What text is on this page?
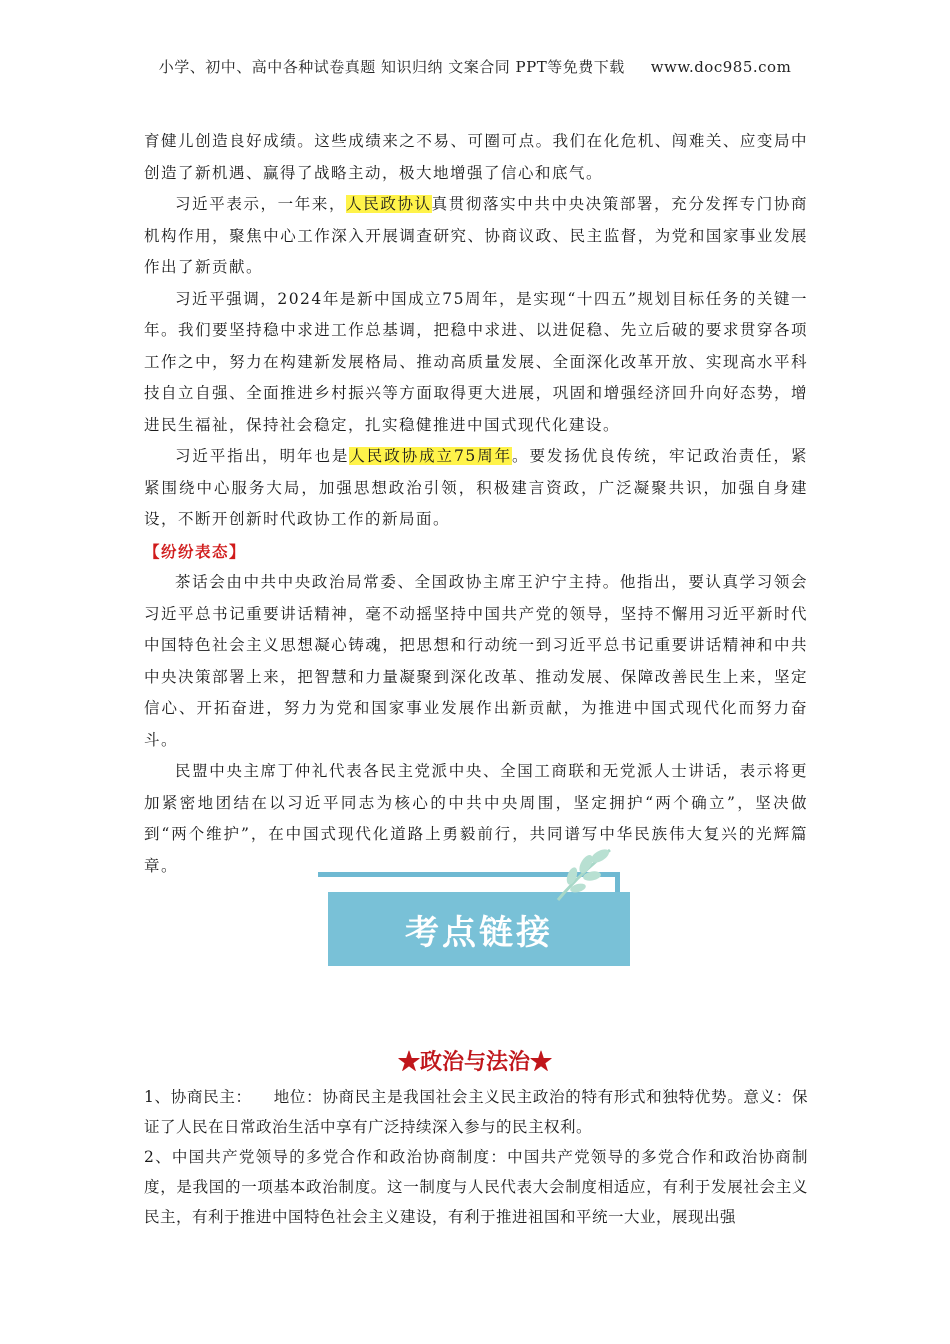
小学、初中、高中各种试卷真题 知识归纳 文案合同 PPT等免费下载 www.doc985.com

育健儿创造良好成绩。这些成绩来之不易、可圈可点。我们在化危机、闯难关、应变局中创造了新机遇、赢得了战略主动，极大地增强了信心和底气。

习近平表示，一年来，人民政协认真贯彻落实中共中央决策部署，充分发挥专门协商机构作用，聚焦中心工作深入开展调查研究、协商议政、民主监督，为党和国家事业发展作出了新贡献。

习近平强调，2024年是新中国成立75周年，是实现“十四五”规划目标任务的关键一年。我们要坚持稳中求进工作总基调，把稳中求进、以进促稳、先立后破的要求贯穿各项工作之中，努力在构建新发展格局、推动高质量发展、全面深化改革开放、实现高水平科技自立自强、全面推进乡村振兴等方面取得更大进展，巩固和增强经济回升向好态势，增进民生福祉，保持社会稳定，扎实稳健推进中国式现代化建设。

习近平指出，明年也是人民政协成立75周年。要发扬优良传统，牢记政治责任，紧紧围绕中心服务大局，加强思想政治引领，积极建言资政，广泛凝聚共识，加强自身建设，不断开创新时代政协工作的新局面。

【纷纷表态】

茶话会由中共中央政治局常委、全国政协主席王沪宁主持。他指出，要认真学习领会习近平总书记重要讲话精神，毫不动摇坚持中国共产党的领导，坚持不懈用习近平新时代中国特色社会主义思想凝心铸魂，把思想和行动统一到习近平总书记重要讲话精神和中共中央决策部署上来，把智慧和力量凝聚到深化改革、推动发展、保障改善民生上来，坚定信心、开拓奋进，努力为党和国家事业发展作出新贡献，为推进中国式现代化而努力奋斗。

民盟中央主席丁仲礼代表各民主党派中央、全国工商联和无党派人士讲话，表示将更加紧密地团结在以习近平同志为核心的中共中央周围，坚定拥护“两个确立”，坚决做到“两个维护”，在中国式现代化道路上勇毅前行，共同谱写中华民族伟大复兴的光辉篇章。

考点链接
★政治与法治★

1、协商民主： 地位：协商民主是我国社会主义民主政治的特有形式和独特优势。意义：保证了人民在日常政治生活中享有广泛持续深入参与的民主权利。

2、中国共产党领导的多党合作和政治协商制度：中国共产党领导的多党合作和政治协商制度，是我国的一项基本政治制度。这一制度与人民代表大会制度相适应，有利于发展社会主义民主，有利于推进中国特色社会主义建设，有利于推进祖国和平统一大业，展现出强
